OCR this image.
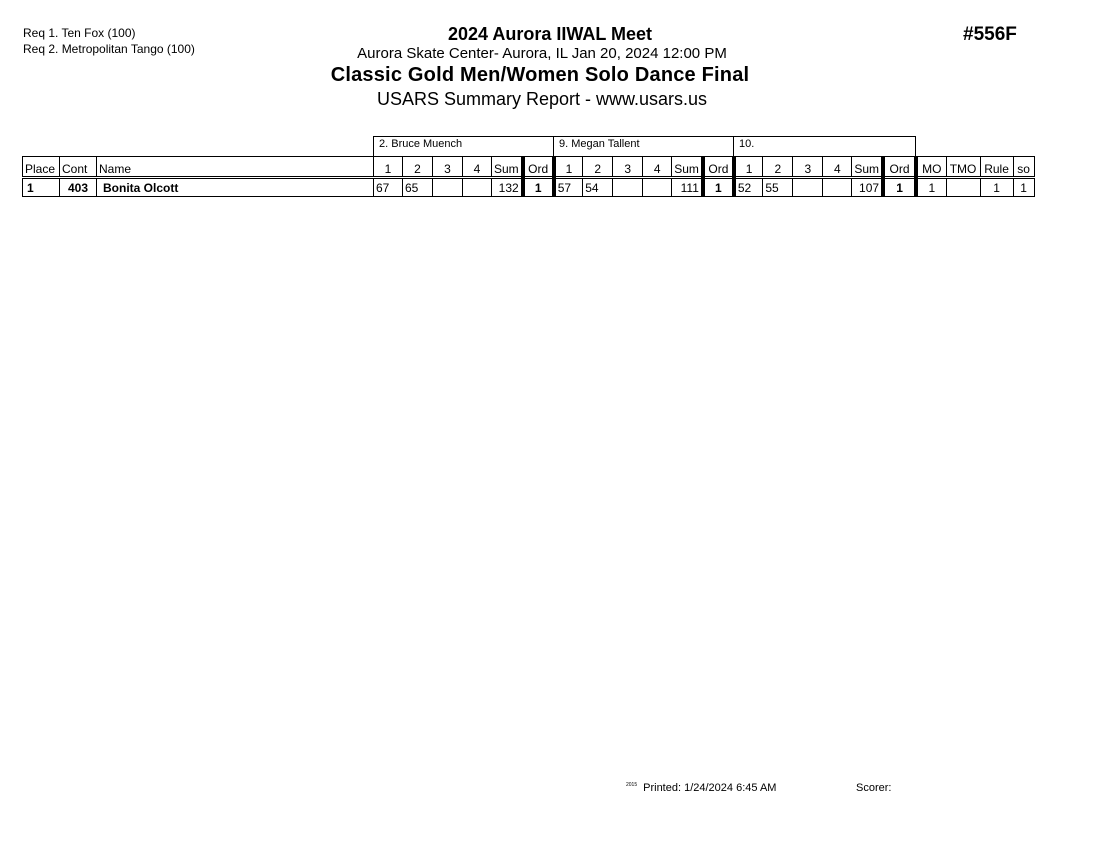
Req 1. Ten Fox (100)
Req 2. Metropolitan Tango (100)
2024 Aurora IIWAL Meet
Aurora Skate Center- Aurora, IL Jan 20, 2024 12:00 PM
Classic Gold Men/Women Solo Dance Final
USARS Summary Report - www.usars.us
#556F
2. Bruce Muench	9. Megan Tallent	10.
Place	Cont	Name	1	2	3	4	Sum	Ord	1	2	3	4	Sum	Ord	1	2	3	4	Sum	Ord	MO	TMO	Rule	so
1	403	Bonita Olcott	67	65			132	1	57	54			111	1	52	55			107	1	1		1	1
$^{2015}$ Printed: 1/24/2024 6:45 AM	Scorer:
